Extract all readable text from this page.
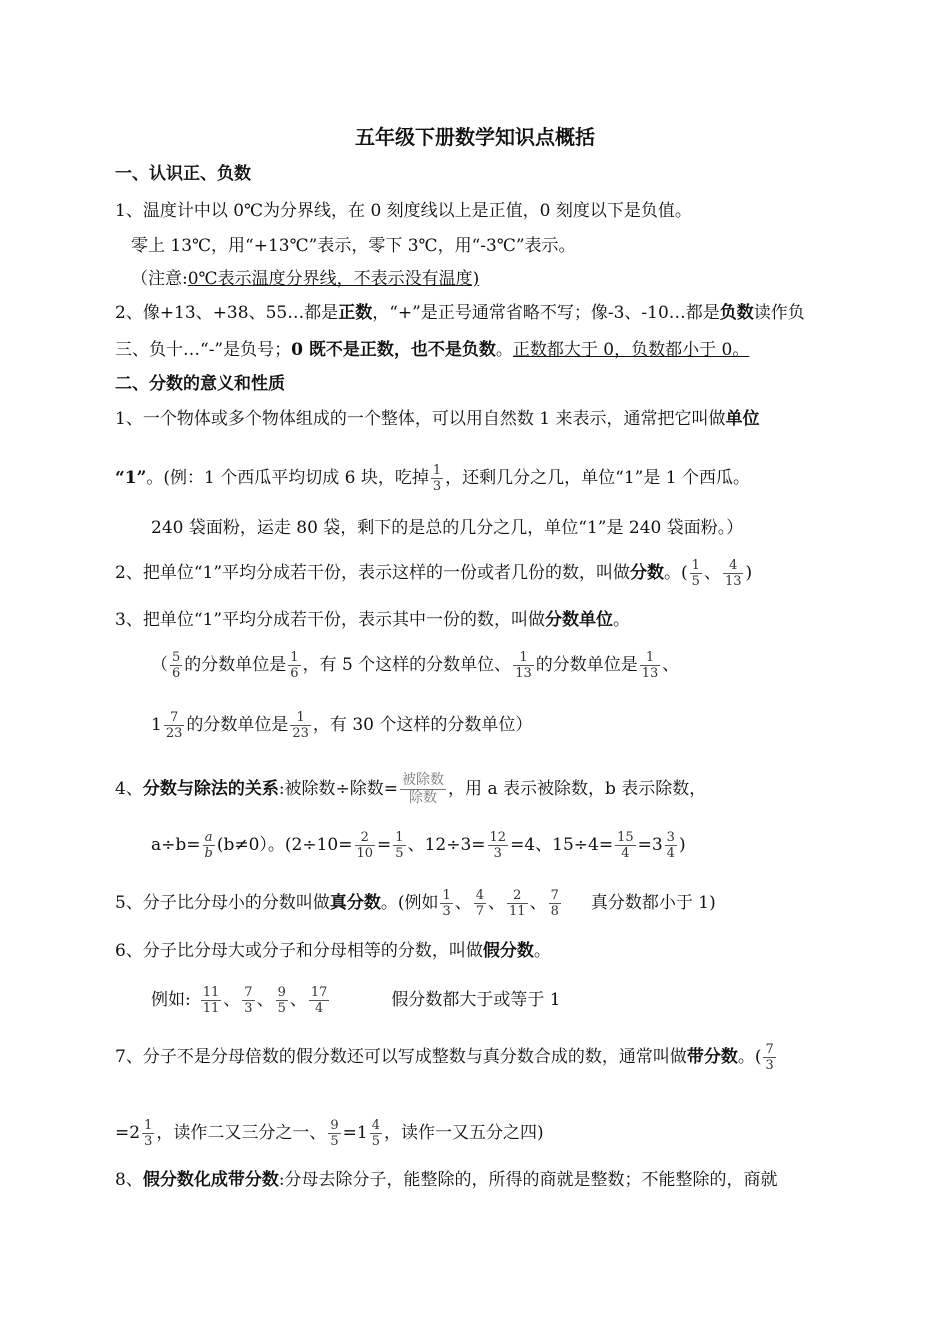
五年级下册数学知识点概括
一、认识正、负数
1、温度计中以 0℃为分界线，在 0 刻度线以上是正值，0 刻度以下是负值。
零上 13℃，用“+13℃”表示，零下 3℃，用“-3℃”表示。
（注意:0℃表示温度分界线，不表示没有温度)
2、像+13、+38、55…都是正数，“+”是正号通常省略不写；像-3、-10…都是负数读作负
三、负十…“-”是负号；0 既不是正数，也不是负数。正数都大于 0，负数都小于 0。
二、分数的意义和性质
1、一个物体或多个物体组成的一个整体，可以用自然数 1 来表示，通常把它叫做单位
“1”。(例：1 个西瓜平均切成 6 块，吃掉 $\frac{1}{3}$ ，还剩几分之几，单位“1”是 1 个西瓜。
240 袋面粉，运走 80 袋，剩下的是总的几分之几，单位“1”是 240 袋面粉。）
2、把单位“1”平均分成若干份，表示这样的一份或者几份的数，叫做分数。( $\frac{1}{5}$ 、 $\frac{4}{13}$ )
3、把单位“1”平均分成若干份，表示其中一份的数，叫做分数单位。
（ $\frac{5}{6}$ 的分数单位是 $\frac{1}{6}$ ，有 5 个这样的分数单位、 $\frac{1}{13}$ 的分数单位是 $\frac{1}{13}$ 、
$1 \frac{7}{23}$ 的分数单位是 $\frac{1}{23}$ ，有 30 个这样的分数单位）
4、分数与除法的关系:被除数÷除数= 被除数
除数 ，用 a 表示被除数，b 表示除数，
$a\div b= \frac{a}{b} (b\ne 0)$。($2\div 10= \frac{2}{10} = \frac{1}{5}$ 、$12\div 3= \frac{12}{3} =4$、$15\div 4= \frac{15}{4} =3 \frac{3}{4}$ )
5、分子比分母小的分数叫做真分数。(例如 $\frac{1}{3}$ 、 $\frac{4}{7}$ 、 $\frac{2}{11}$ 、 $\frac{7}{8}$ 真分数都小于 1)
6、分子比分母大或分子和分母相等的分数，叫做假分数。
例如: $\frac{11}{11}$ 、 $\frac{7}{3}$ 、 $\frac{9}{5}$ 、 $\frac{17}{4}$	假分数都大于或等于 1
7、分子不是分母倍数的假分数还可以写成整数与真分数合成的数，通常叫做带分数。( $\frac{7}{3}$
$=2 \frac{1}{3}$ ，读作二又三分之一、 $\frac{9}{5} =1 \frac{4}{5}$ ，读作一又五分之四)
8、假分数化成带分数:分母去除分子，能整除的，所得的商就是整数；不能整除的，商就
